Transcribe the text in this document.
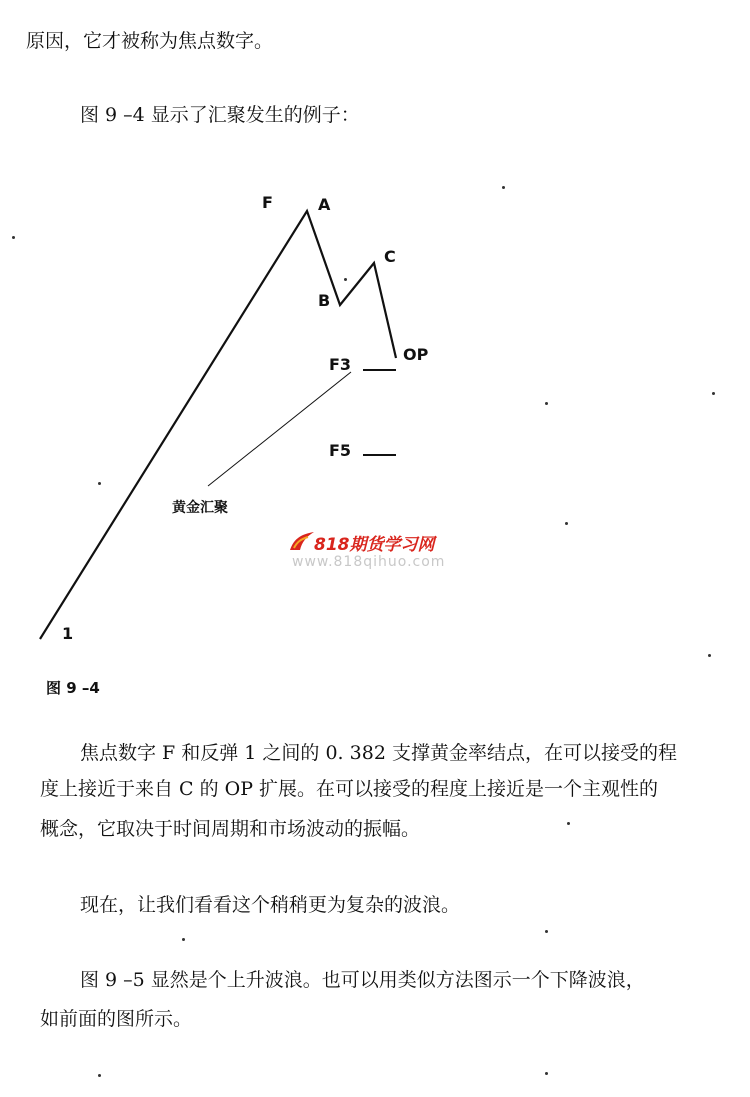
原因，它才被称为焦点数字。

图 9 –4 显示了汇聚发生的例子：

F	A
C
B
OP
F3
F5
1
黄金汇聚
818期货学习网
www.818qihuo.com
图 9 –4

焦点数字 F 和反弹 1 之间的 0. 382 支撑黄金率结点，在可以接受的程

度上接近于来自 C 的 OP 扩展。在可以接受的程度上接近是一个主观性的

概念，它取决于时间周期和市场波动的振幅。

现在，让我们看看这个稍稍更为复杂的波浪。

图 9 –5 显然是个上升波浪。也可以用类似方法图示一个下降波浪，

如前面的图所示。
